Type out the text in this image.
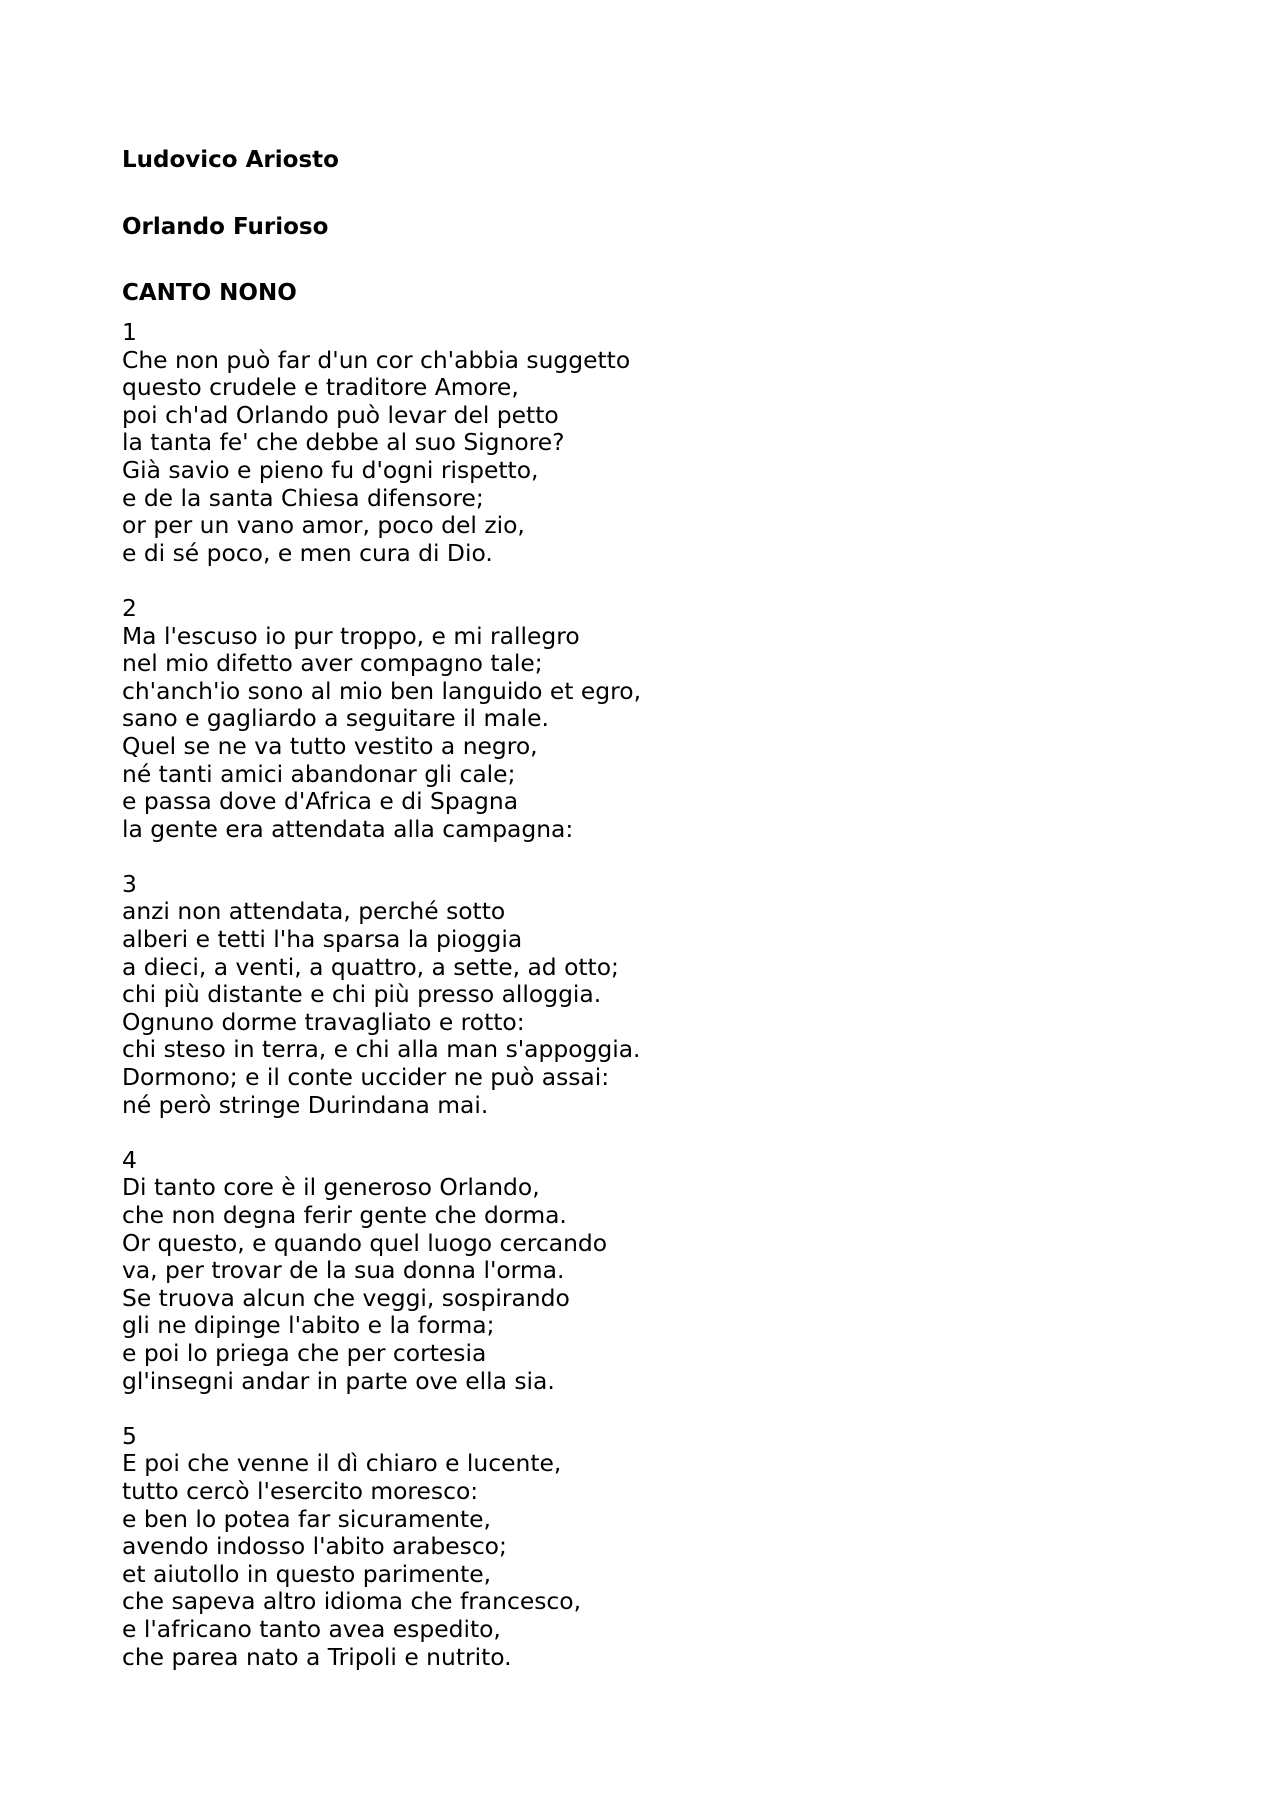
Ludovico Ariosto

Orlando Furioso

CANTO NONO

1
Che non può far d'un cor ch'abbia suggetto
questo crudele e traditore Amore,
poi ch'ad Orlando può levar del petto
la tanta fe' che debbe al suo Signore?
Già savio e pieno fu d'ogni rispetto,
e de la santa Chiesa difensore;
or per un vano amor, poco del zio,
e di sé poco, e men cura di Dio.
2
Ma l'escuso io pur troppo, e mi rallegro
nel mio difetto aver compagno tale;
ch'anch'io sono al mio ben languido et egro,
sano e gagliardo a seguitare il male.
Quel se ne va tutto vestito a negro,
né tanti amici abandonar gli cale;
e passa dove d'Africa e di Spagna
la gente era attendata alla campagna:
3
anzi non attendata, perché sotto
alberi e tetti l'ha sparsa la pioggia
a dieci, a venti, a quattro, a sette, ad otto;
chi più distante e chi più presso alloggia.
Ognuno dorme travagliato e rotto:
chi steso in terra, e chi alla man s'appoggia.
Dormono; e il conte uccider ne può assai:
né però stringe Durindana mai.
4
Di tanto core è il generoso Orlando,
che non degna ferir gente che dorma.
Or questo, e quando quel luogo cercando
va, per trovar de la sua donna l'orma.
Se truova alcun che veggi, sospirando
gli ne dipinge l'abito e la forma;
e poi lo priega che per cortesia
gl'insegni andar in parte ove ella sia.
5
E poi che venne il dì chiaro e lucente,
tutto cercò l'esercito moresco:
e ben lo potea far sicuramente,
avendo indosso l'abito arabesco;
et aiutollo in questo parimente,
che sapeva altro idioma che francesco,
e l'africano tanto avea espedito,
che parea nato a Tripoli e nutrito.
